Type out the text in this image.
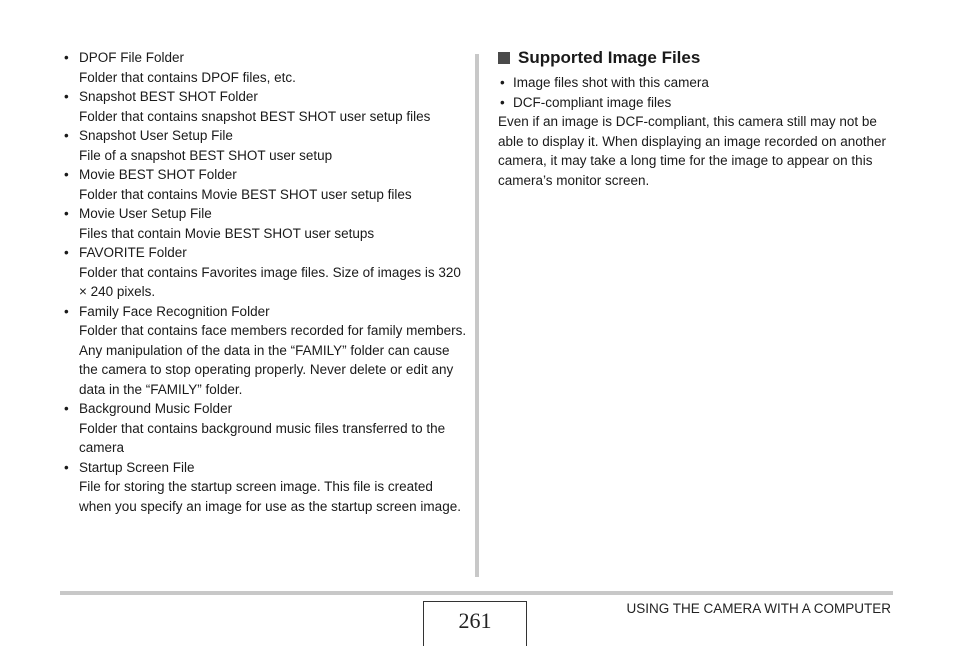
• DPOF File Folder
Folder that contains DPOF files, etc.
• Snapshot BEST SHOT Folder
Folder that contains snapshot BEST SHOT user setup files
• Snapshot User Setup File
File of a snapshot BEST SHOT user setup
• Movie BEST SHOT Folder
Folder that contains Movie BEST SHOT user setup files
• Movie User Setup File
Files that contain Movie BEST SHOT user setups
• FAVORITE Folder
Folder that contains Favorites image files. Size of images is 320 × 240 pixels.
• Family Face Recognition Folder
Folder that contains face members recorded for family members. Any manipulation of the data in the “FAMILY” folder can cause the camera to stop operating properly. Never delete or edit any data in the “FAMILY” folder.
• Background Music Folder
Folder that contains background music files transferred to the camera
• Startup Screen File
File for storing the startup screen image. This file is created when you specify an image for use as the startup screen image.
Supported Image Files
• Image files shot with this camera
• DCF-compliant image files

Even if an image is DCF-compliant, this camera still may not be able to display it. When displaying an image recorded on another camera, it may take a long time for the image to appear on this camera’s monitor screen.

261	USING THE CAMERA WITH A COMPUTER
